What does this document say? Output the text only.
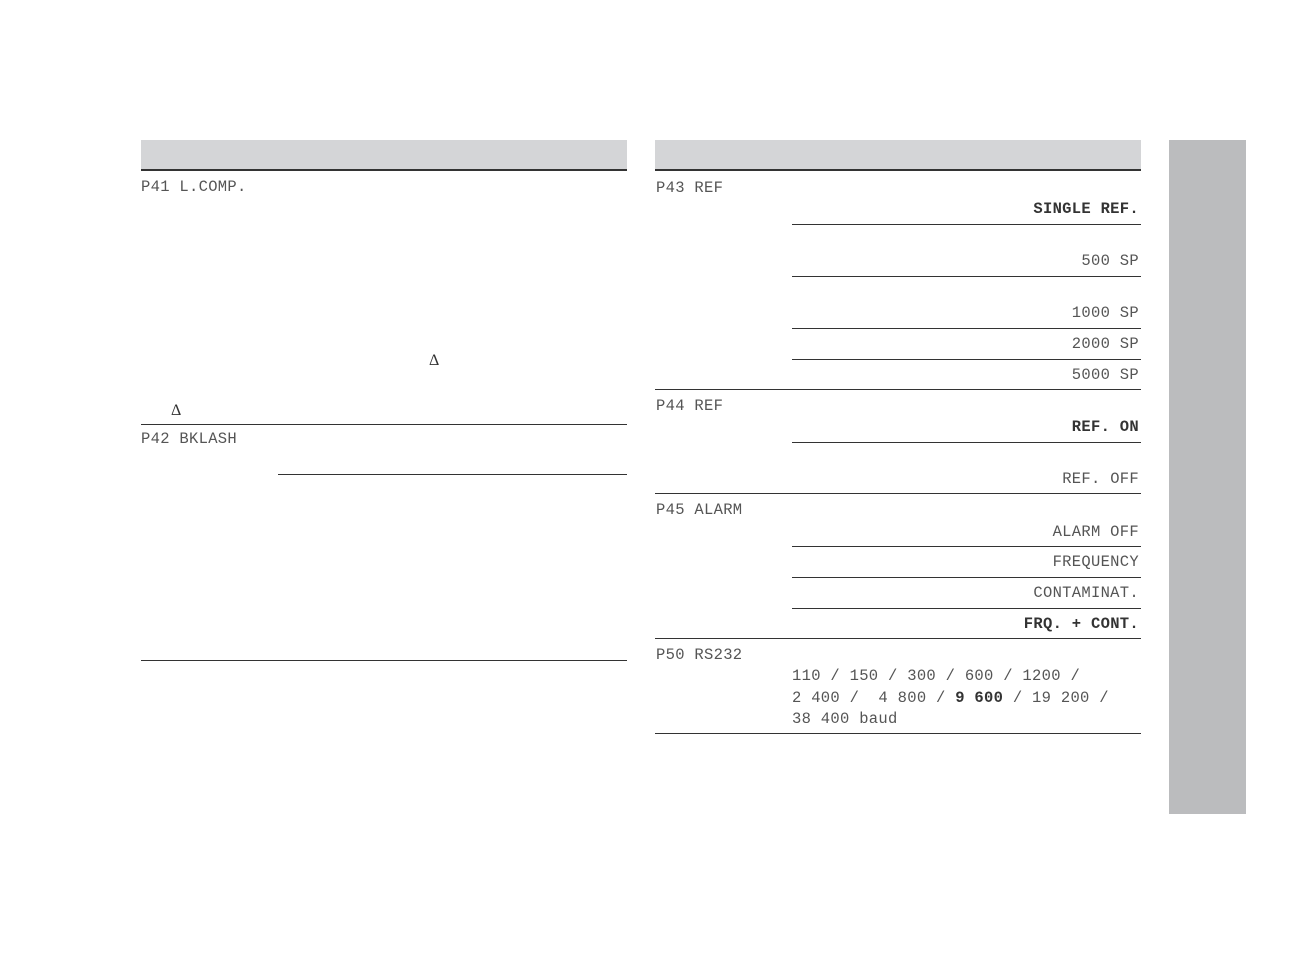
P41 L.COMP.
Δ
Δ
P42 BKLASH
P43 REF
SINGLE REF.
500 SP
1000 SP
2000 SP
5000 SP
P44 REF
REF. ON
REF. OFF
P45 ALARM
ALARM OFF
FREQUENCY
CONTAMINAT.
FRQ. + CONT.
P50 RS232
110 / 150 / 300 / 600 / 1200 /
2 400 /  4 800 / 9 600 / 19 200 /
38 400 baud
